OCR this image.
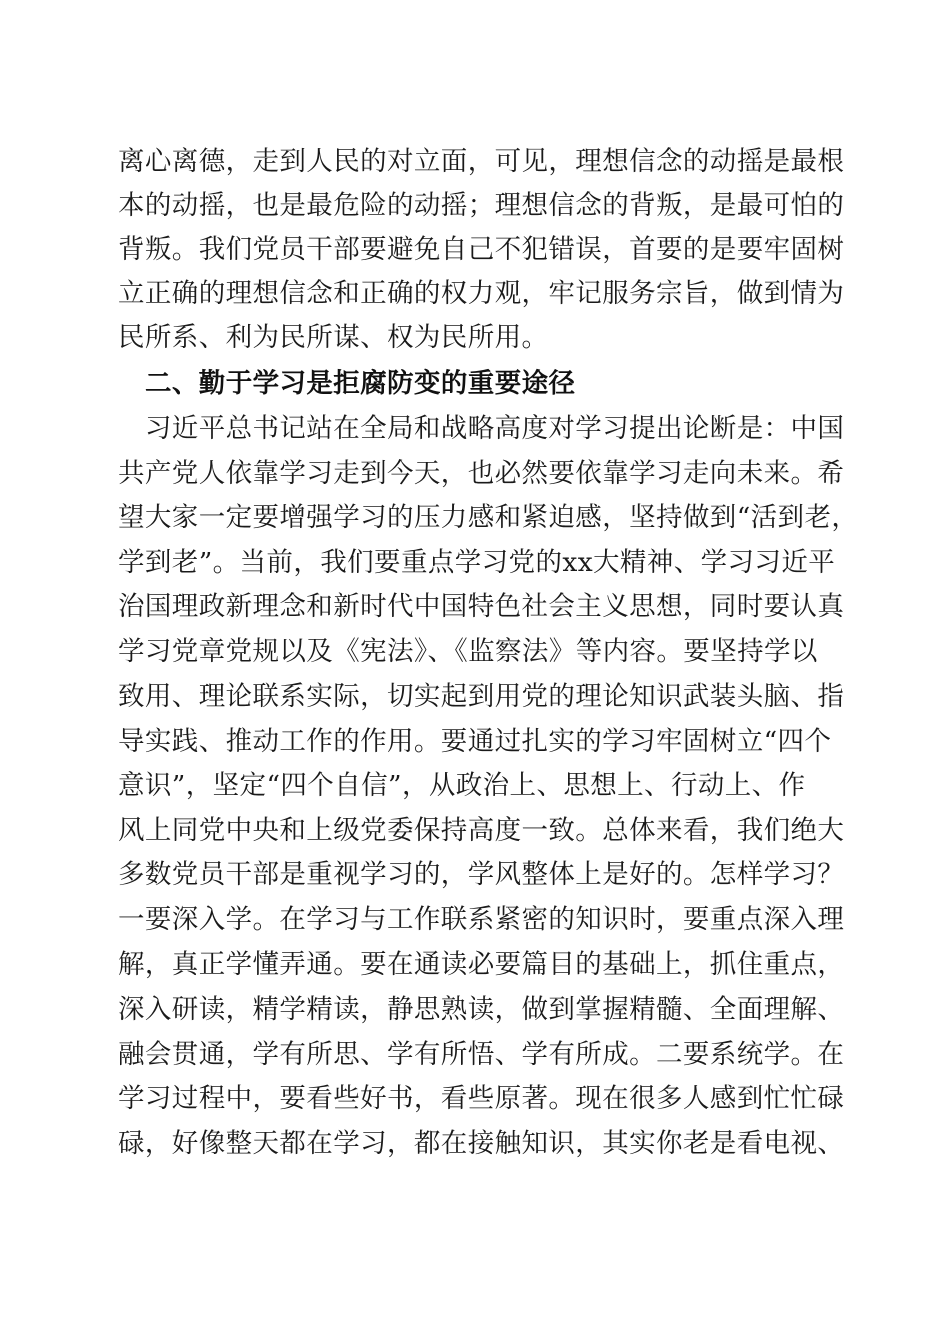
离心离德，走到人民的对立面，可见，理想信念的动摇是最根
本的动摇，也是最危险的动摇；理想信念的背叛，是最可怕的
背叛。我们党员干部要避免自己不犯错误，首要的是要牢固树
立正确的理想信念和正确的权力观，牢记服务宗旨，做到情为
民所系、利为民所谋、权为民所用。
二、勤于学习是拒腐防变的重要途径
　习近平总书记站在全局和战略高度对学习提出论断是：中国
共产党人依靠学习走到今天，也必然要依靠学习走向未来。希
望大家一定要增强学习的压力感和紧迫感，坚持做到“活到老，
学到老”。当前，我们要重点学习党的xx大精神、学习习近平
治国理政新理念和新时代中国特色社会主义思想，同时要认真
学习党章党规以及《宪法》、《监察法》等内容。要坚持学以
致用、理论联系实际，切实起到用党的理论知识武装头脑、指
导实践、推动工作的作用。要通过扎实的学习牢固树立“四个
意识”，坚定“四个自信”，从政治上、思想上、行动上、作
风上同党中央和上级党委保持高度一致。总体来看，我们绝大
多数党员干部是重视学习的，学风整体上是好的。怎样学习？
一要深入学。在学习与工作联系紧密的知识时，要重点深入理
解，真正学懂弄通。要在通读必要篇目的基础上，抓住重点，
深入研读，精学精读，静思熟读，做到掌握精髓、全面理解、
融会贯通，学有所思、学有所悟、学有所成。二要系统学。在
学习过程中，要看些好书，看些原著。现在很多人感到忙忙碌
碌，好像整天都在学习，都在接触知识，其实你老是看电视、
